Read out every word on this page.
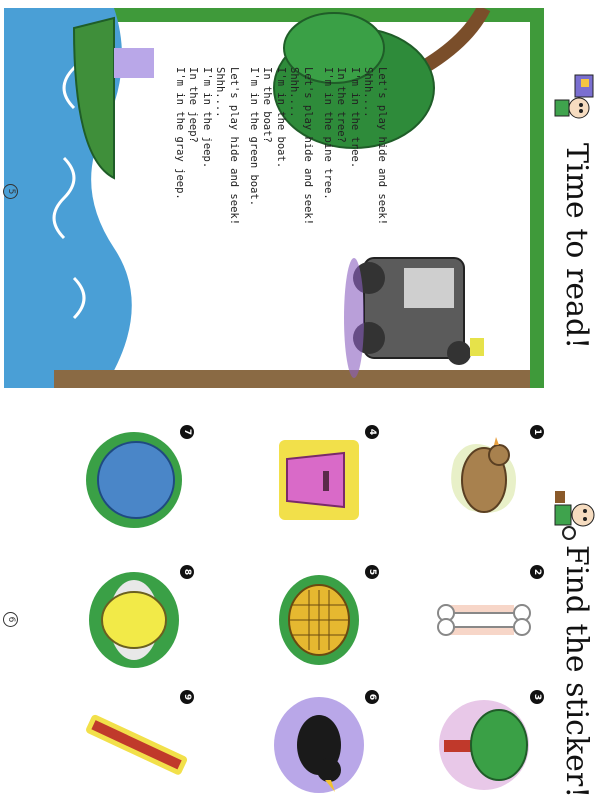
Time to read!
Let's play hide and seek!
Shhh....
I'm in the tree.
In the tree?
I'm in the pine tree.
Let's play hide and seek!
Shhh....
I'm in the boat.
In the boat?
I'm in the green boat.
Let's play hide and seek!
Shhh....
I'm in the jeep.
In the jeep?
I'm in the gray jeep.
5
Find the sticker!
1
2
3
4
5
6
7
8
9
6
